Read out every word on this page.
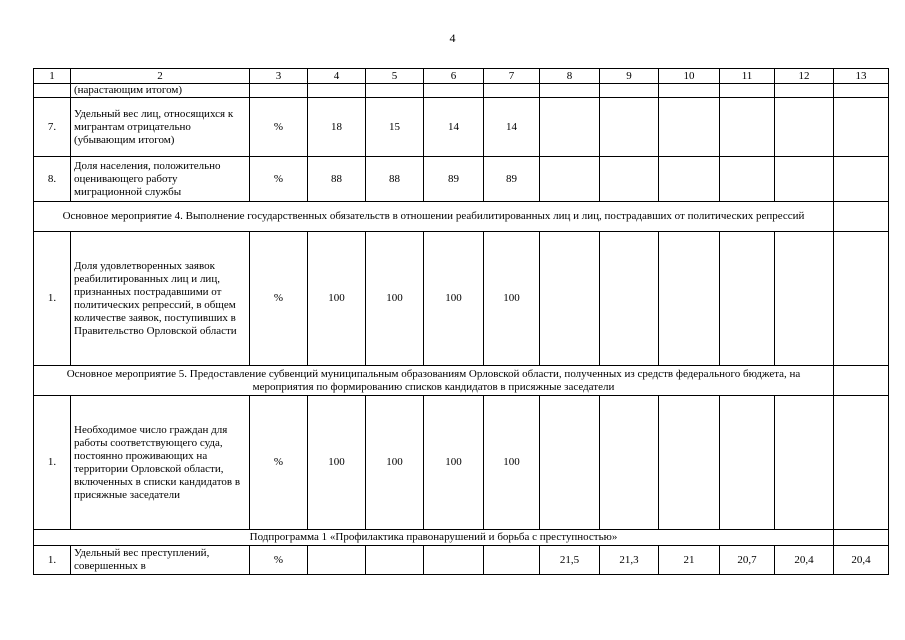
4
1	2	3	4	5	6	7	8	9	10	11	12	13
	(нарастающим итогом)											
7.	Удельный вес лиц, относящихся к мигрантам отрицательно (убывающим итогом)	%	18	15	14	14						
8.	Доля населения, положительно оценивающего работу миграционной службы	%	88	88	89	89						
Основное мероприятие 4. Выполнение государственных обязательств в отношении реабилитированных лиц и лиц, пострадавших от политических репрессий												
1.	Доля удовлетворенных заявок реабилитированных лиц и лиц, признанных пострадавшими от политических репрессий, в общем количестве заявок, поступивших в Правительство Орловской области	%	100	100	100	100						
Основное мероприятие 5. Предоставление субвенций муниципальным образованиям Орловской области, полученных из средств федерального бюджета, на мероприятия по формированию списков кандидатов в присяжные заседатели												
1.	Необходимое число граждан для работы соответствующего суда, постоянно проживающих на территории Орловской области, включенных в списки кандидатов в присяжные заседатели	%	100	100	100	100						
Подпрограмма 1 «Профилактика правонарушений и борьба с преступностью»												
1.	Удельный вес преступлений, совершенных в	%					21,5	21,3	21	20,7	20,4	20,4
